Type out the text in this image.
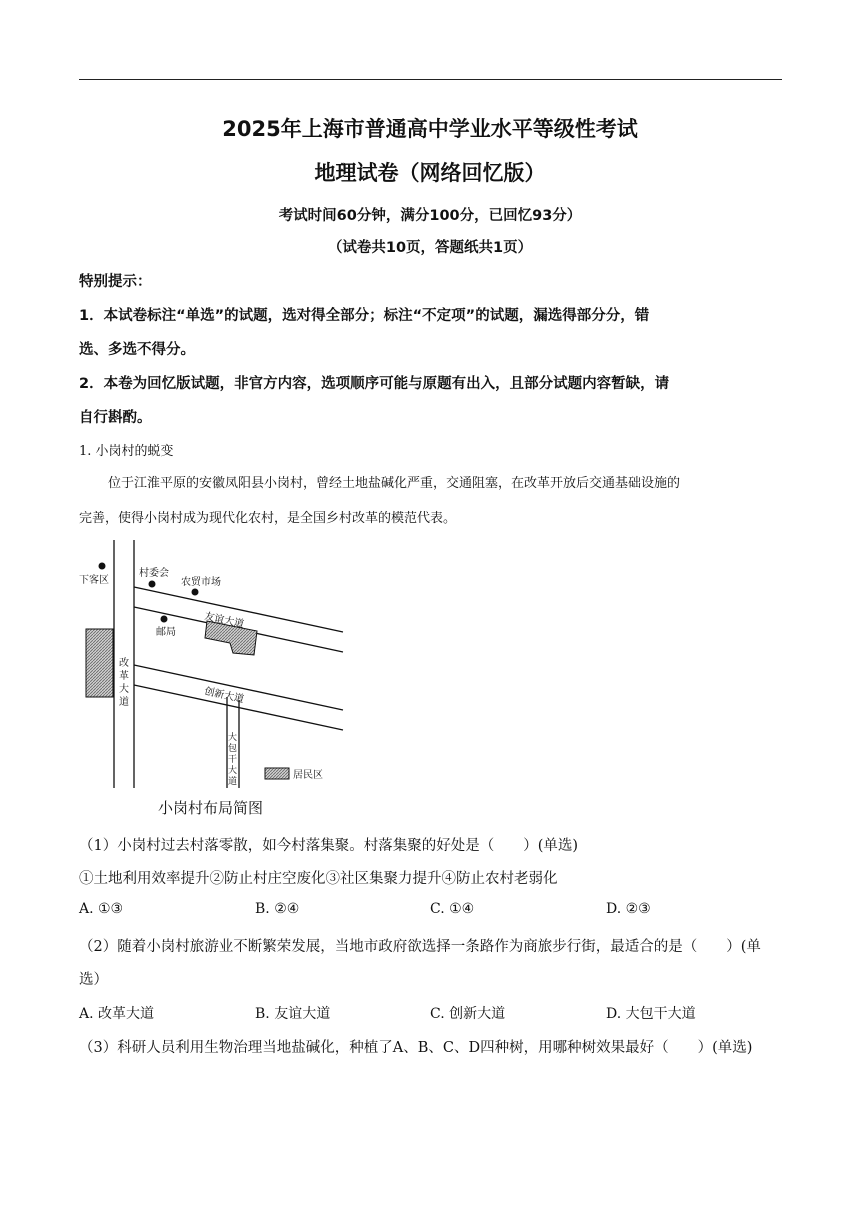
2025年上海市普通高中学业水平等级性考试
地理试卷（网络回忆版）
考试时间60分钟，满分100分，已回忆93分）
（试卷共10页，答题纸共1页）
特别提示：
1．本试卷标注“单选”的试题，选对得全部分；标注“不定项”的试题，漏选得部分分，错
选、多选不得分。
2．本卷为回忆版试题，非官方内容，选项顺序可能与原题有出入，且部分试题内容暂缺，请
自行斟酌。
1. 小岗村的蜕变
位于江淮平原的安徽凤阳县小岗村，曾经土地盐碱化严重，交通阻塞，在改革开放后交通基础设施的
完善，使得小岗村成为现代化农村，是全国乡村改革的模范代表。
下客区
村委会
农贸市场
邮局
友谊大道
创新大道
改
革
大
道
大
包
干
大
道
居民区
小岗村布局简图
（1）小岗村过去村落零散，如今村落集聚。村落集聚的好处是（　　）(单选)
①土地利用效率提升②防止村庄空废化③社区集聚力提升④防止农村老弱化
A. ①③	B. ②④	C. ①④	D. ②③
（2）随着小岗村旅游业不断繁荣发展，当地市政府欲选择一条路作为商旅步行街，最适合的是（　　）(单
选）
A. 改革大道	B. 友谊大道	C. 创新大道	D. 大包干大道
（3）科研人员利用生物治理当地盐碱化，种植了A、B、C、D四种树，用哪种树效果最好（　　）(单选)
